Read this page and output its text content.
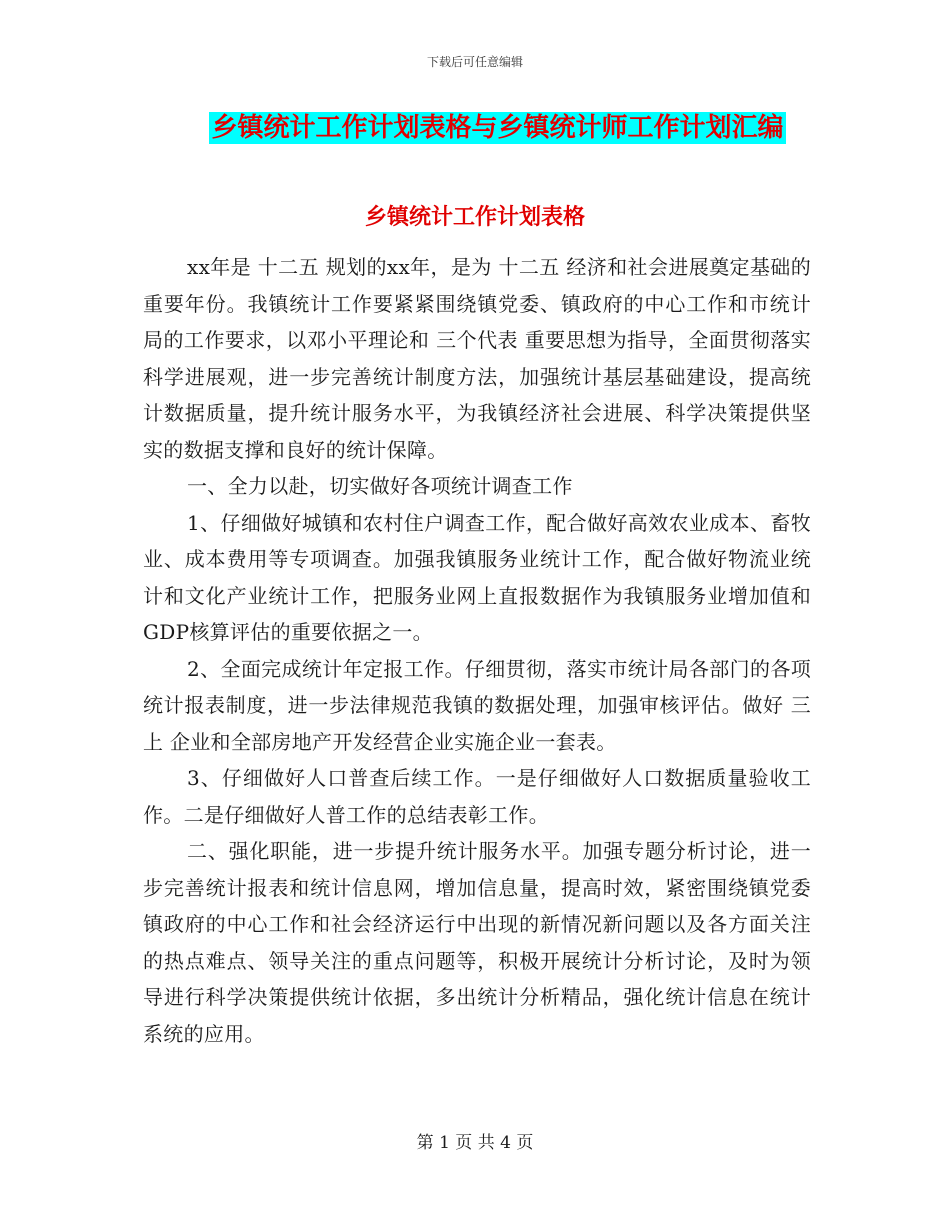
下载后可任意编辑
乡镇统计工作计划表格与乡镇统计师工作计划汇编
乡镇统计工作计划表格

xx年是 十二五 规划的xx年，是为 十二五 经济和社会进展奠定基础的重要年份。我镇统计工作要紧紧围绕镇党委、镇政府的中心工作和市统计局的工作要求，以邓小平理论和 三个代表 重要思想为指导，全面贯彻落实科学进展观，进一步完善统计制度方法，加强统计基层基础建设，提高统计数据质量，提升统计服务水平，为我镇经济社会进展、科学决策提供坚实的数据支撑和良好的统计保障。

一、全力以赴，切实做好各项统计调查工作

1、仔细做好城镇和农村住户调查工作，配合做好高效农业成本、畜牧业、成本费用等专项调查。加强我镇服务业统计工作，配合做好物流业统计和文化产业统计工作，把服务业网上直报数据作为我镇服务业增加值和GDP核算评估的重要依据之一。

2、全面完成统计年定报工作。仔细贯彻，落实市统计局各部门的各项统计报表制度，进一步法律规范我镇的数据处理，加强审核评估。做好 三上 企业和全部房地产开发经营企业实施企业一套表。

3、仔细做好人口普查后续工作。一是仔细做好人口数据质量验收工作。二是仔细做好人普工作的总结表彰工作。

二、强化职能，进一步提升统计服务水平。加强专题分析讨论，进一步完善统计报表和统计信息网，增加信息量，提高时效，紧密围绕镇党委镇政府的中心工作和社会经济运行中出现的新情况新问题以及各方面关注的热点难点、领导关注的重点问题等，积极开展统计分析讨论，及时为领导进行科学决策提供统计依据，多出统计分析精品，强化统计信息在统计系统的应用。

第 1 页 共 4 页
